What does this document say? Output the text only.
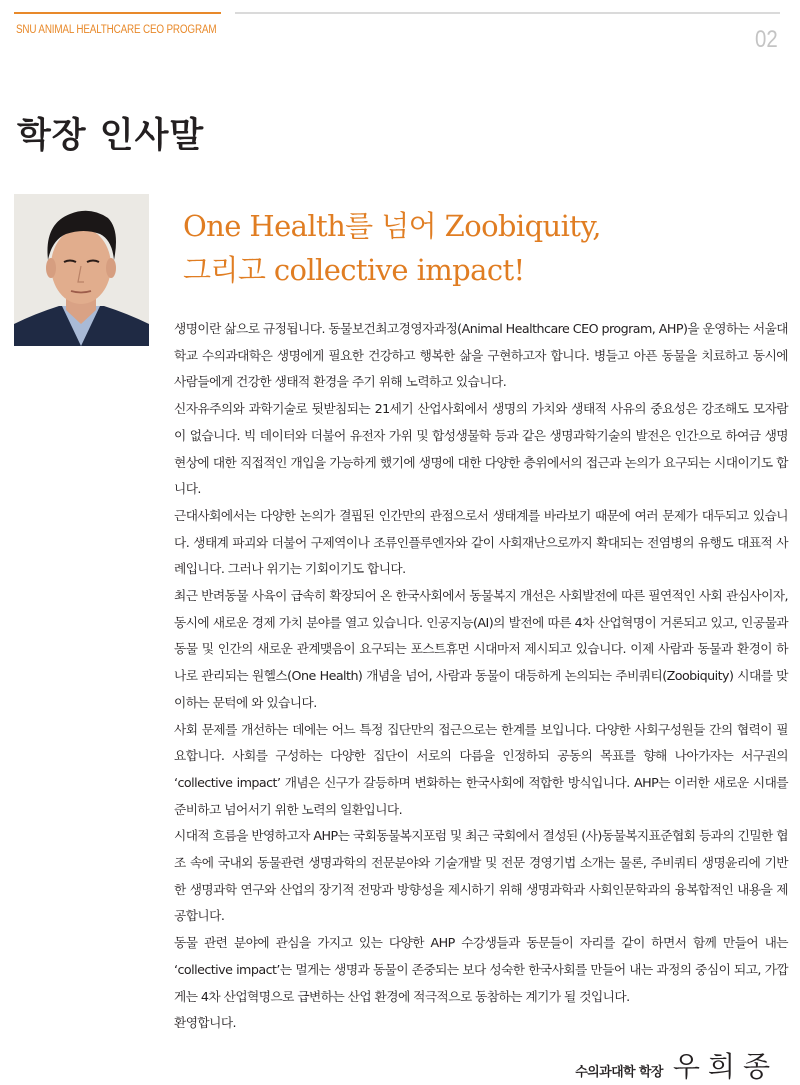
SNU ANIMAL HEALTHCARE CEO PROGRAM	02
학장 인사말
One Health를 넘어 Zoobiquity,
그리고 collective impact!

생명이란 삶으로 규정됩니다. 동물보건최고경영자과정(Animal Healthcare CEO program, AHP)을 운영하는 서울대학교 수의과대학은 생명에게 필요한 건강하고 행복한 삶을 구현하고자 합니다. 병들고 아픈 동물을 치료하고 동시에 사람들에게 건강한 생태적 환경을 주기 위해 노력하고 있습니다.

신자유주의와 과학기술로 뒷받침되는 21세기 산업사회에서 생명의 가치와 생태적 사유의 중요성은 강조해도 모자람이 없습니다. 빅 데이터와 더불어 유전자 가위 및 합성생물학 등과 같은 생명과학기술의 발전은 인간으로 하여금 생명 현상에 대한 직접적인 개입을 가능하게 했기에 생명에 대한 다양한 층위에서의 접근과 논의가 요구되는 시대이기도 합니다.

근대사회에서는 다양한 논의가 결핍된 인간만의 관점으로서 생태계를 바라보기 때문에 여러 문제가 대두되고 있습니다. 생태계 파괴와 더불어 구제역이나 조류인플루엔자와 같이 사회재난으로까지 확대되는 전염병의 유행도 대표적 사례입니다. 그러나 위기는 기회이기도 합니다.

최근 반려동물 사육이 급속히 확장되어 온 한국사회에서 동물복지 개선은 사회발전에 따른 필연적인 사회 관심사이자, 동시에 새로운 경제 가치 분야를 열고 있습니다. 인공지능(AI)의 발전에 따른 4차 산업혁명이 거론되고 있고, 인공물과 동물 및 인간의 새로운 관계맺음이 요구되는 포스트휴먼 시대마저 제시되고 있습니다. 이제 사람과 동물과 환경이 하나로 관리되는 원헬스(One Health) 개념을 넘어, 사람과 동물이 대등하게 논의되는 주비쿼티(Zoobiquity) 시대를 맞이하는 문턱에 와 있습니다.

사회 문제를 개선하는 데에는 어느 특정 집단만의 접근으로는 한계를 보입니다. 다양한 사회구성원들 간의 협력이 필요합니다. 사회를 구성하는 다양한 집단이 서로의 다름을 인정하되 공동의 목표를 향해 나아가자는 서구권의 ‘collective impact’ 개념은 신구가 갈등하며 변화하는 한국사회에 적합한 방식입니다. AHP는 이러한 새로운 시대를 준비하고 넘어서기 위한 노력의 일환입니다.

시대적 흐름을 반영하고자 AHP는 국회동물복지포럼 및 최근 국회에서 결성된 (사)동물복지표준협회 등과의 긴밀한 협조 속에 국내외 동물관련 생명과학의 전문분야와 기술개발 및 전문 경영기법 소개는 물론, 주비쿼티 생명윤리에 기반한 생명과학 연구와 산업의 장기적 전망과 방향성을 제시하기 위해 생명과학과 사회인문학과의 융복합적인 내용을 제공합니다.

동물 관련 분야에 관심을 가지고 있는 다양한 AHP 수강생들과 동문들이 자리를 같이 하면서 함께 만들어 내는 ‘collective impact’는 멀게는 생명과 동물이 존중되는 보다 성숙한 한국사회를 만들어 내는 과정의 중심이 되고, 가깝게는 4차 산업혁명으로 급변하는 산업 환경에 적극적으로 동참하는 계기가 될 것입니다.

환영합니다.

수의과대학 학장 우희종
